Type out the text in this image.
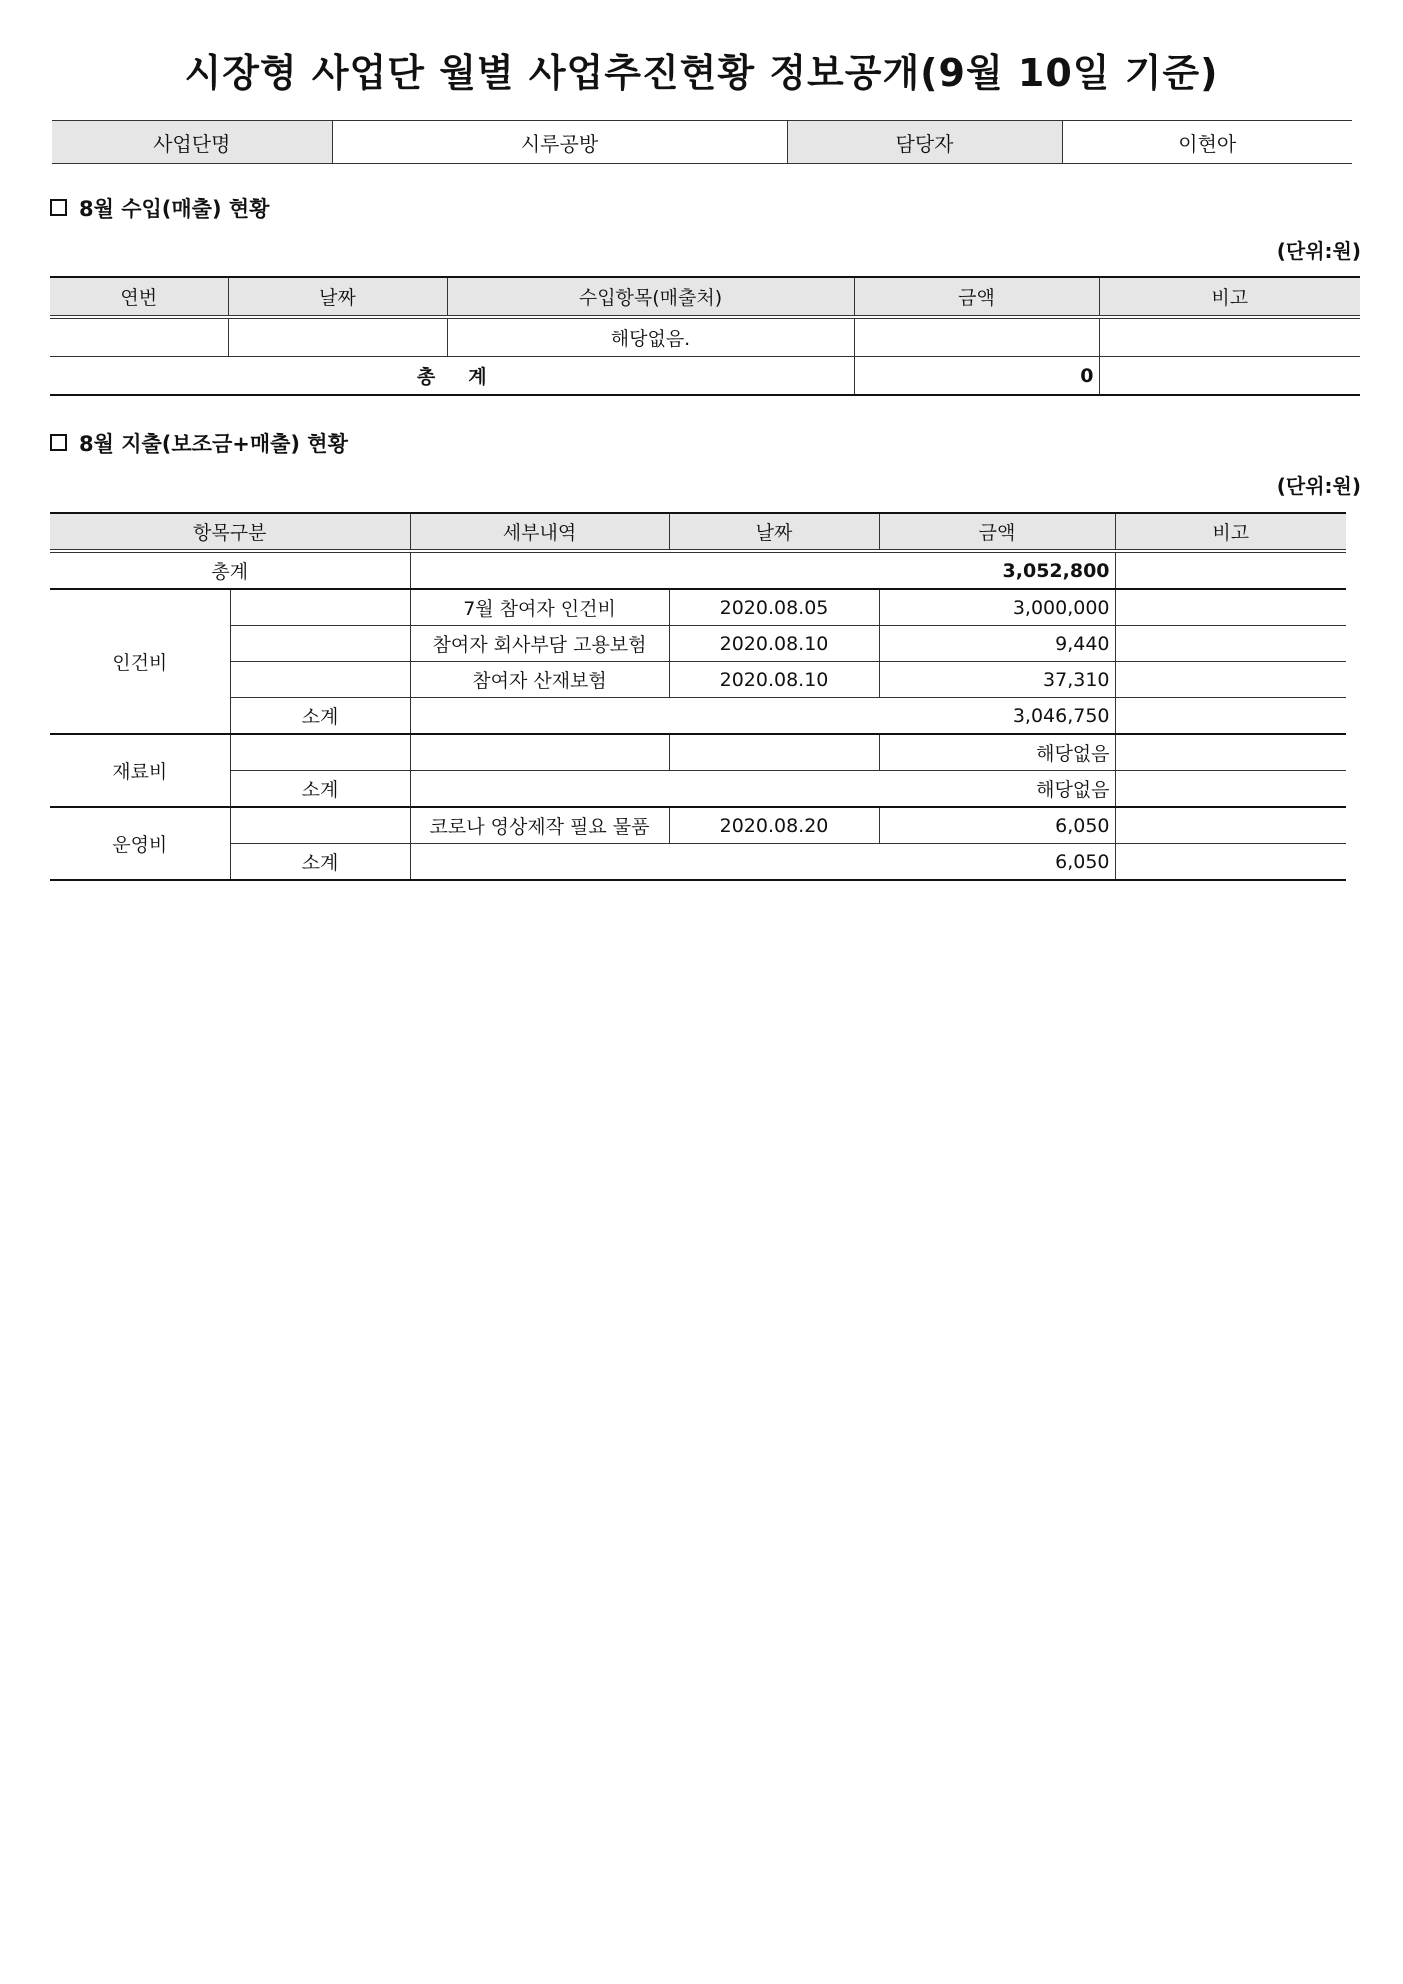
시장형 사업단 월별 사업추진현황 정보공개(9월 10일 기준)
사업단명	시루공방	담당자	이현아
8월 수입(매출) 현황
(단위:원)
연번	날짜	수입항목(매출처)	금액	비고
		해당없음.		
총     계			0	
8월 지출(보조금+매출) 현황
(단위:원)
항목구분		세부내역	날짜	금액	비고
총계		3,052,800			
인건비		7월 참여자 인건비	2020.08.05	3,000,000	
		참여자 회사부담 고용보험	2020.08.10	9,440	
		참여자 산재보험	2020.08.10	37,310	
	소계	3,046,750			
재료비				해당없음	
	소계	해당없음			
운영비		코로나 영상제작 필요 물품	2020.08.20	6,050	
	소계	6,050			
